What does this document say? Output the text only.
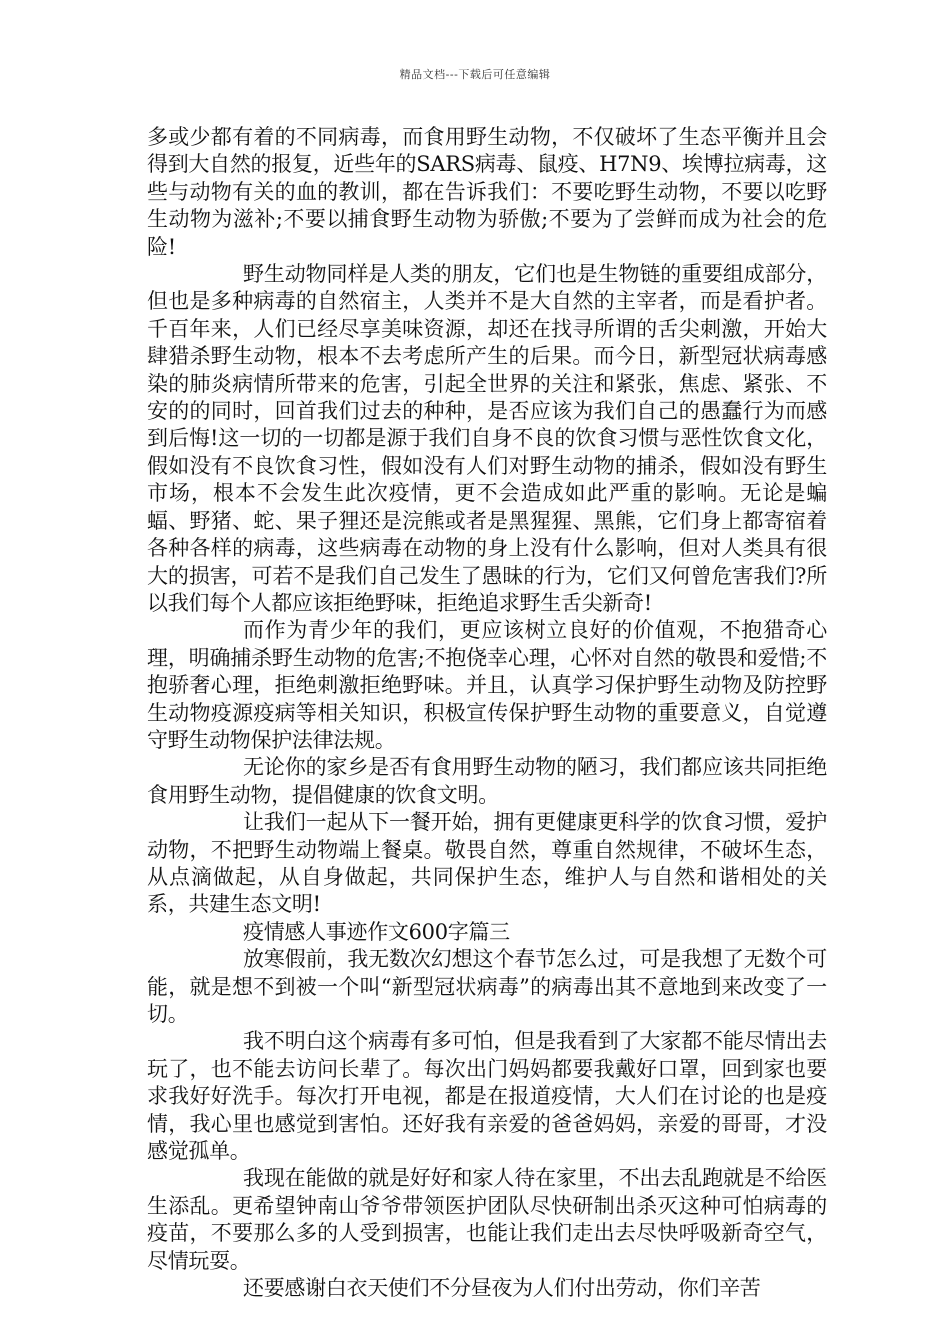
精品文档---下载后可任意编辑

多或少都有着的不同病毒，而食用野生动物，不仅破坏了生态平衡并且会得到大自然的报复，近些年的SARS病毒、鼠疫、H7N9、埃博拉病毒，这些与动物有关的血的教训，都在告诉我们：不要吃野生动物，不要以吃野生动物为滋补;不要以捕食野生动物为骄傲;不要为了尝鲜而成为社会的危险!

野生动物同样是人类的朋友，它们也是生物链的重要组成部分，但也是多种病毒的自然宿主，人类并不是大自然的主宰者，而是看护者。千百年来，人们已经尽享美味资源，却还在找寻所谓的舌尖刺激，开始大肆猎杀野生动物，根本不去考虑所产生的后果。而今日，新型冠状病毒感染的肺炎病情所带来的危害，引起全世界的关注和紧张，焦虑、紧张、不安的的同时，回首我们过去的种种，是否应该为我们自己的愚蠢行为而感到后悔!这一切的一切都是源于我们自身不良的饮食习惯与恶性饮食文化，假如没有不良饮食习性，假如没有人们对野生动物的捕杀，假如没有野生市场，根本不会发生此次疫情，更不会造成如此严重的影响。无论是蝙蝠、野猪、蛇、果子狸还是浣熊或者是黑猩猩、黑熊，它们身上都寄宿着各种各样的病毒，这些病毒在动物的身上没有什么影响，但对人类具有很大的损害，可若不是我们自己发生了愚昧的行为，它们又何曾危害我们?所以我们每个人都应该拒绝野味，拒绝追求野生舌尖新奇!

而作为青少年的我们，更应该树立良好的价值观，不抱猎奇心理，明确捕杀野生动物的危害;不抱侥幸心理，心怀对自然的敬畏和爱惜;不抱骄奢心理，拒绝刺激拒绝野味。并且，认真学习保护野生动物及防控野生动物疫源疫病等相关知识，积极宣传保护野生动物的重要意义，自觉遵守野生动物保护法律法规。

无论你的家乡是否有食用野生动物的陋习，我们都应该共同拒绝食用野生动物，提倡健康的饮食文明。

让我们一起从下一餐开始，拥有更健康更科学的饮食习惯，爱护动物，不把野生动物端上餐桌。敬畏自然，尊重自然规律，不破坏生态，从点滴做起，从自身做起，共同保护生态，维护人与自然和谐相处的关系，共建生态文明!

疫情感人事迹作文600字篇三

放寒假前，我无数次幻想这个春节怎么过，可是我想了无数个可能，就是想不到被一个叫“新型冠状病毒”的病毒出其不意地到来改变了一切。

我不明白这个病毒有多可怕，但是我看到了大家都不能尽情出去玩了，也不能去访问长辈了。每次出门妈妈都要我戴好口罩，回到家也要求我好好洗手。每次打开电视，都是在报道疫情，大人们在讨论的也是疫情，我心里也感觉到害怕。还好我有亲爱的爸爸妈妈，亲爱的哥哥，才没感觉孤单。

我现在能做的就是好好和家人待在家里，不出去乱跑就是不给医生添乱。更希望钟南山爷爷带领医护团队尽快研制出杀灭这种可怕病毒的疫苗，不要那么多的人受到损害，也能让我们走出去尽快呼吸新奇空气，尽情玩耍。

还要感谢白衣天使们不分昼夜为人们付出劳动，你们辛苦
